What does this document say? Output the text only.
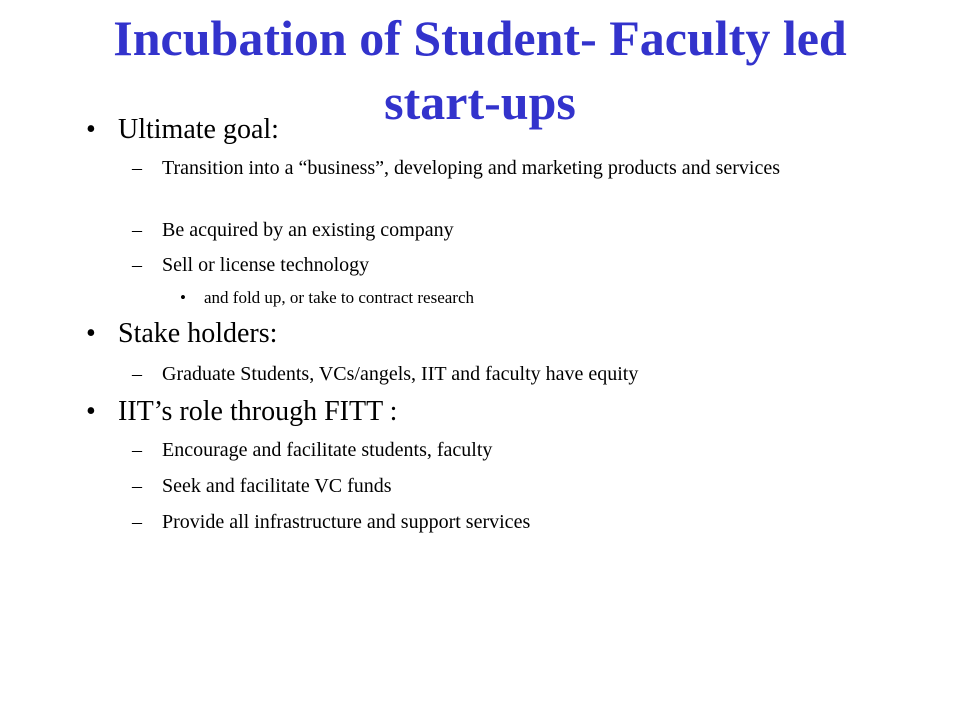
Incubation of Student- Faculty led start-ups
• Ultimate goal:
– Transition into a “business”, developing and marketing products and services
– Be acquired by an existing company
– Sell or license technology
• and fold up, or take to contract research
• Stake holders:
– Graduate Students, VCs/angels, IIT and faculty have equity
• IIT’s role through FITT :
– Encourage and facilitate students, faculty
– Seek and facilitate VC funds
– Provide all infrastructure and support services
